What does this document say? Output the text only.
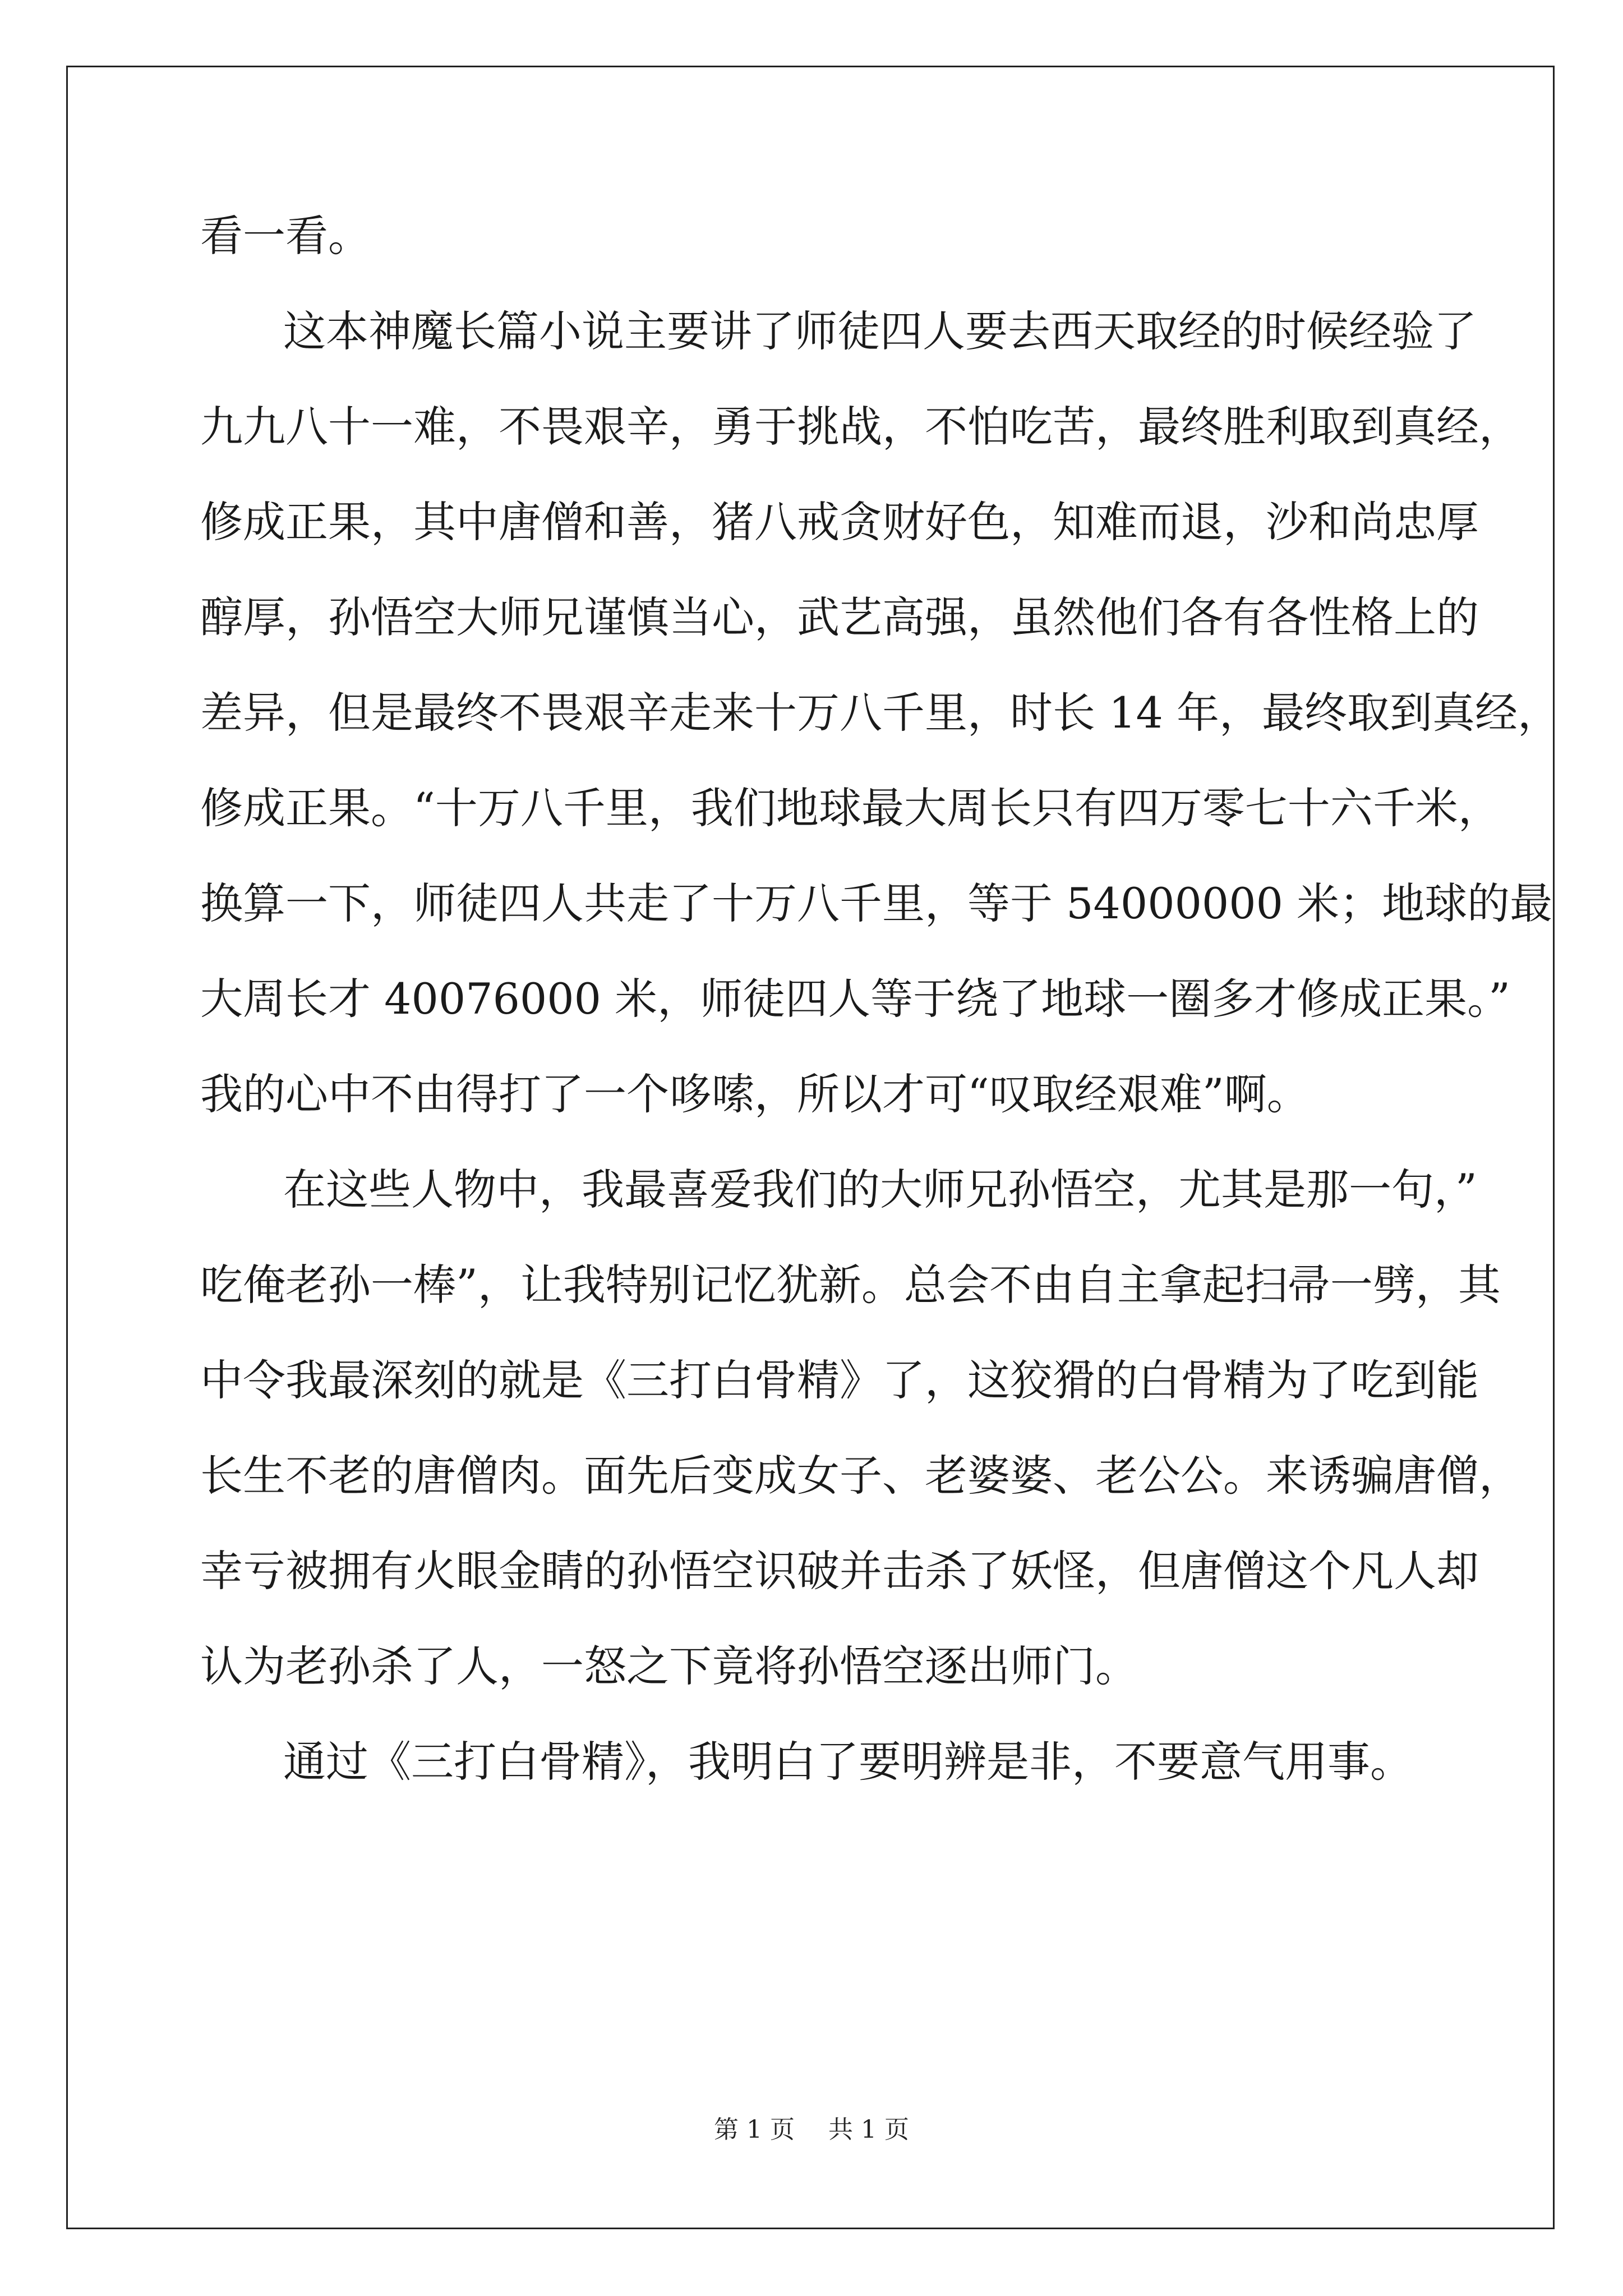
看一看。
这本神魔长篇小说主要讲了师徒四人要去西天取经的时候经验了
九九八十一难，不畏艰辛，勇于挑战，不怕吃苦，最终胜利取到真经，
修成正果，其中唐僧和善，猪八戒贪财好色，知难而退，沙和尚忠厚
醇厚，孙悟空大师兄谨慎当心，武艺高强，虽然他们各有各性格上的
差异，但是最终不畏艰辛走来十万八千里，时长 14 年，最终取到真经，
修成正果。“十万八千里，我们地球最大周长只有四万零七十六千米，
换算一下，师徒四人共走了十万八千里，等于 54000000 米；地球的最
大周长才 40076000 米，师徒四人等于绕了地球一圈多才修成正果。”
我的心中不由得打了一个哆嗦，所以才可“叹取经艰难”啊。
在这些人物中，我最喜爱我们的大师兄孙悟空，尤其是那一句，”
吃俺老孙一棒”，让我特别记忆犹新。总会不由自主拿起扫帚一劈，其
中令我最深刻的就是《三打白骨精》了，这狡猾的白骨精为了吃到能
长生不老的唐僧肉。面先后变成女子、老婆婆、老公公。来诱骗唐僧，
幸亏被拥有火眼金睛的孙悟空识破并击杀了妖怪，但唐僧这个凡人却
认为老孙杀了人，一怒之下竟将孙悟空逐出师门。
通过《三打白骨精》，我明白了要明辨是非，不要意气用事。
第 1 页 共 1 页
